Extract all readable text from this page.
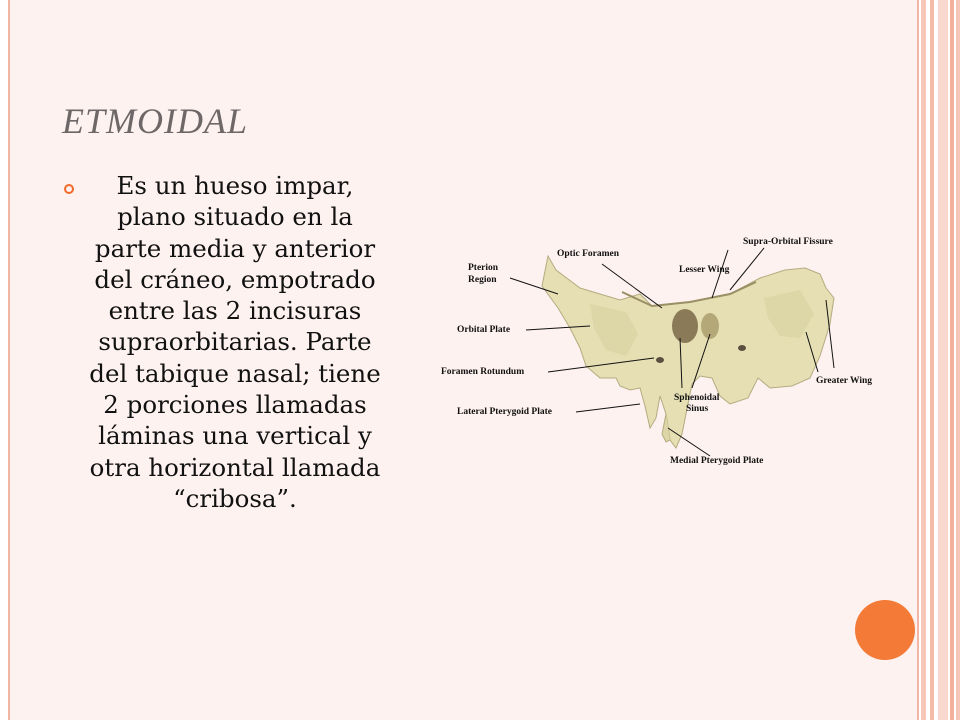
ETMOIDAL
Es un hueso impar, plano situado en la parte media y anterior del cráneo, empotrado entre las 2 incisuras supraorbitarias. Parte del tabique nasal; tiene 2 porciones llamadas láminas una vertical y otra horizontal llamada “cribosa”.
Optic Foramen
Supra-Orbital Fissure
Pterion
Region
Lesser Wing
Orbital Plate
Foramen Rotundum
Sphenoidal
Sinus
Greater Wing
Lateral Pterygoid Plate
Medial Pterygoid Plate
